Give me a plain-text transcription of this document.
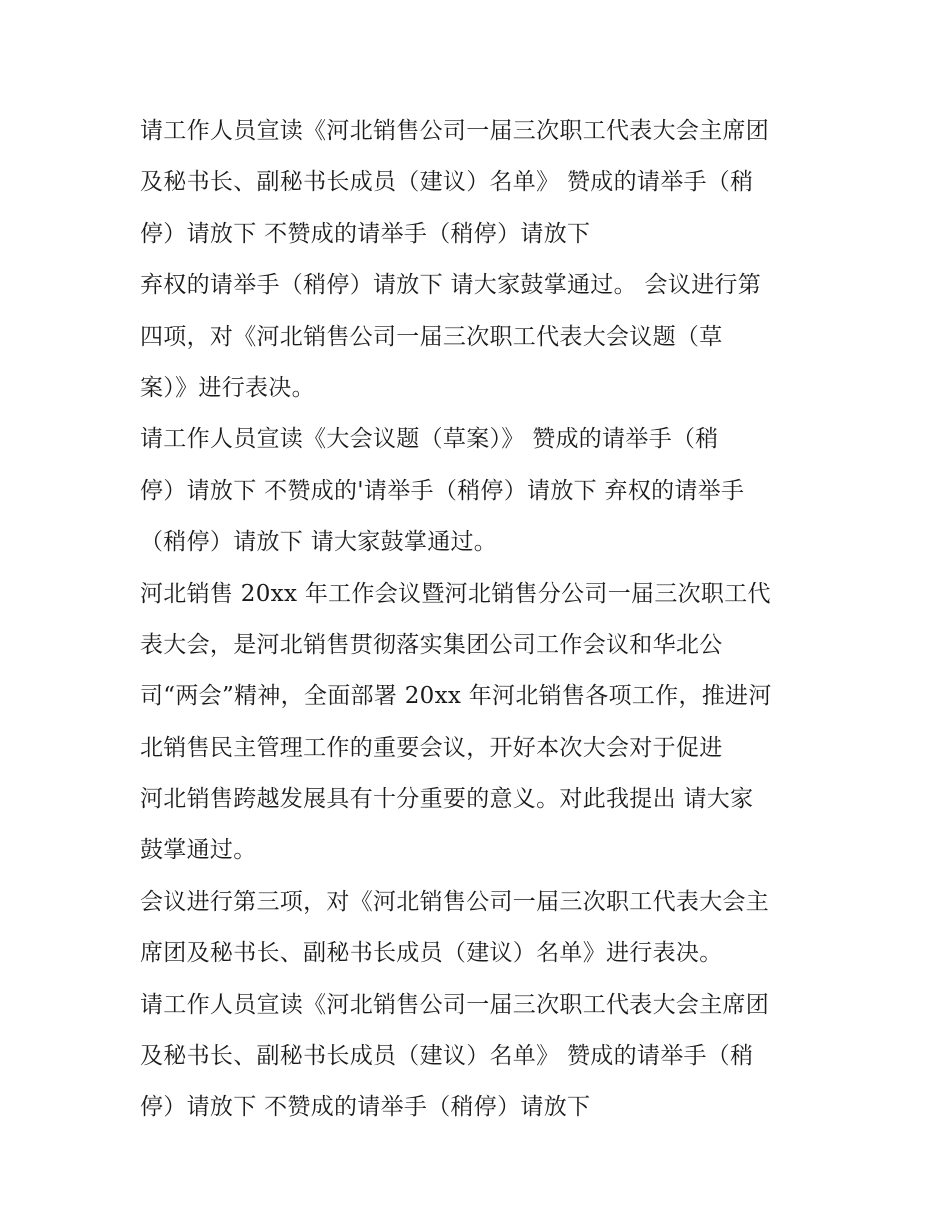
请工作人员宣读《河北销售公司一届三次职工代表大会主席团
及秘书长、副秘书长成员（建议）名单》 赞成的请举手（稍
停）请放下 不赞成的请举手（稍停）请放下
弃权的请举手（稍停）请放下 请大家鼓掌通过。 会议进行第
四项，对《河北销售公司一届三次职工代表大会议题（草
案）》进行表决。
请工作人员宣读《大会议题（草案）》 赞成的请举手（稍
停）请放下 不赞成的'请举手（稍停）请放下 弃权的请举手
（稍停）请放下 请大家鼓掌通过。
河北销售 20xx 年工作会议暨河北销售分公司一届三次职工代
表大会，是河北销售贯彻落实集团公司工作会议和华北公
司“两会”精神，全面部署 20xx 年河北销售各项工作，推进河
北销售民主管理工作的重要会议，开好本次大会对于促进
河北销售跨越发展具有十分重要的意义。对此我提出 请大家
鼓掌通过。
会议进行第三项，对《河北销售公司一届三次职工代表大会主
席团及秘书长、副秘书长成员（建议）名单》进行表决。
请工作人员宣读《河北销售公司一届三次职工代表大会主席团
及秘书长、副秘书长成员（建议）名单》 赞成的请举手（稍
停）请放下 不赞成的请举手（稍停）请放下
